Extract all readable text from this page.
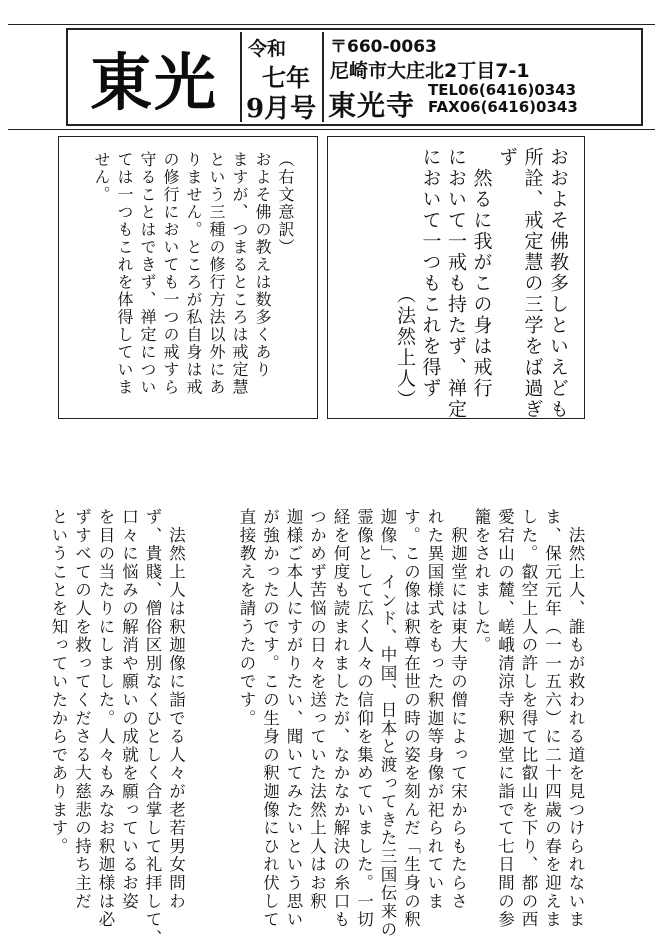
東光	令和
七年
9月号
〒660-0063
尼崎市大庄北2丁目7-1
東光寺 TEL06(6416)0343
FAX06(6416)0343
おおよそ佛教多しといえども
所詮、戒定慧の三学をば過ぎ
ず
　然るに我がこの身は戒行
において一戒も持たず、禅定
において一つもこれを得ず
　　　　　　　（法然上人）
（右文意訳）
およそ佛の教えは数多くあり
ますが、つまるところは戒定慧
という三種の修行方法以外にあ
りません。ところが私自身は戒
の修行においても一つの戒すら
守ることはできず、禅定につい
ては一つもこれを体得していま
せん。
　法然上人、誰もが救われる道を見つけられないま
ま、保元元年（一一五六）に二十四歳の春を迎えま
した。叡空上人の許しを得て比叡山を下り、都の西
愛宕山の麓、嵯峨清涼寺釈迦堂に詣でて七日間の参
籠をされました。
　釈迦堂には東大寺の僧によって宋からもたらさ
れた異国様式をもった釈迦等身像が祀られていま
す。この像は釈尊在世の時の姿を刻んだ「生身の釈
迦像」、インド、中国、日本と渡ってきた三国伝来の
霊像として広く人々の信仰を集めていました。一切
経を何度も読まれましたが、なかなか解決の糸口も
つかめず苦悩の日々を送っていた法然上人はお釈
迦様ご本人にすがりたい、聞いてみたいという思い
が強かったのです。この生身の釈迦像にひれ伏して
直接教えを請うたのです。

　法然上人は釈迦像に詣でる人々が老若男女問わ
ず、貴賤、僧俗区別なくひとしく合掌して礼拝して、
口々に悩みの解消や願いの成就を願っているお姿
を目の当たりにしました。人々もみなお釈迦様は必
ずすべての人を救ってくださる大慈悲の持ち主だ
ということを知っていたからであります。
